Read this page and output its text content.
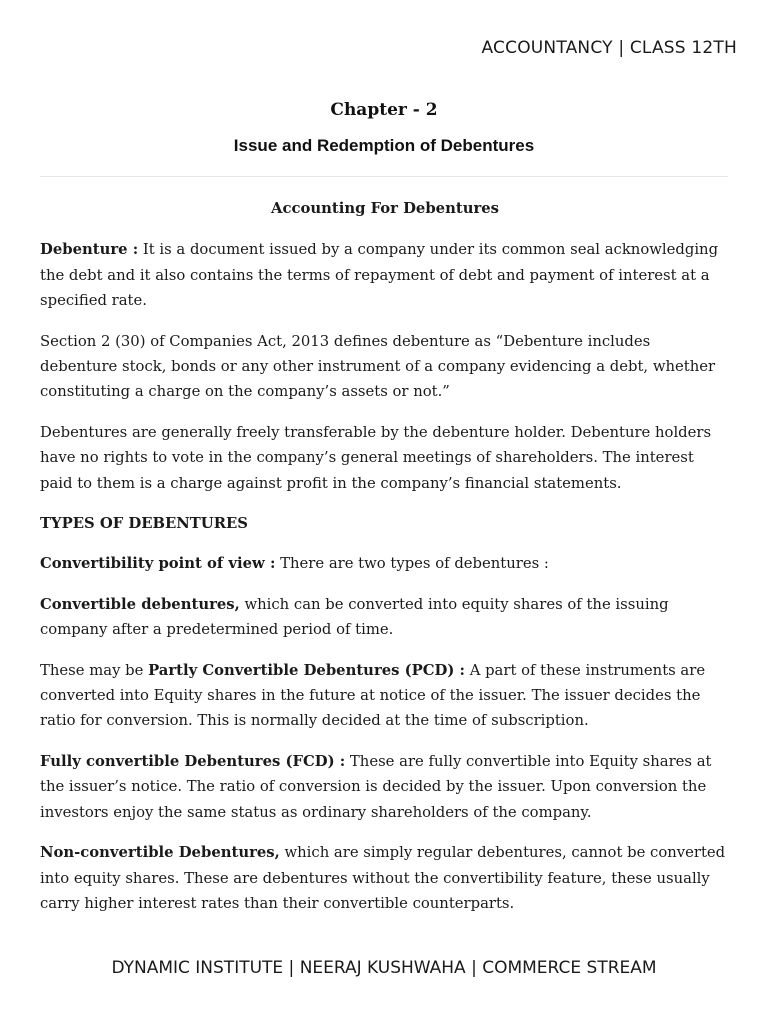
ACCOUNTANCY | CLASS 12TH
Chapter - 2
Issue and Redemption of Debentures

Accounting For Debentures

Debenture : It is a document issued by a company under its common seal acknowledging the debt and it also contains the terms of repayment of debt and payment of interest at a specified rate.

Section 2 (30) of Companies Act, 2013 defines debenture as “Debenture includes debenture stock, bonds or any other instrument of a company evidencing a debt, whether constituting a charge on the company’s assets or not.”

Debentures are generally freely transferable by the debenture holder. Debenture holders have no rights to vote in the company’s general meetings of shareholders. The interest paid to them is a charge against profit in the company’s financial statements.

TYPES OF DEBENTURES

Convertibility point of view : There are two types of debentures :

Convertible debentures, which can be converted into equity shares of the issuing company after a predetermined period of time.

These may be Partly Convertible Debentures (PCD) : A part of these instruments are converted into Equity shares in the future at notice of the issuer. The issuer decides the ratio for conversion. This is normally decided at the time of subscription.

Fully convertible Debentures (FCD) : These are fully convertible into Equity shares at the issuer’s notice. The ratio of conversion is decided by the issuer. Upon conversion the investors enjoy the same status as ordinary shareholders of the company.

Non-convertible Debentures, which are simply regular debentures, cannot be converted into equity shares. These are debentures without the convertibility feature, these usually carry higher interest rates than their convertible counterparts.

DYNAMIC INSTITUTE | NEERAJ KUSHWAHA | COMMERCE STREAM
